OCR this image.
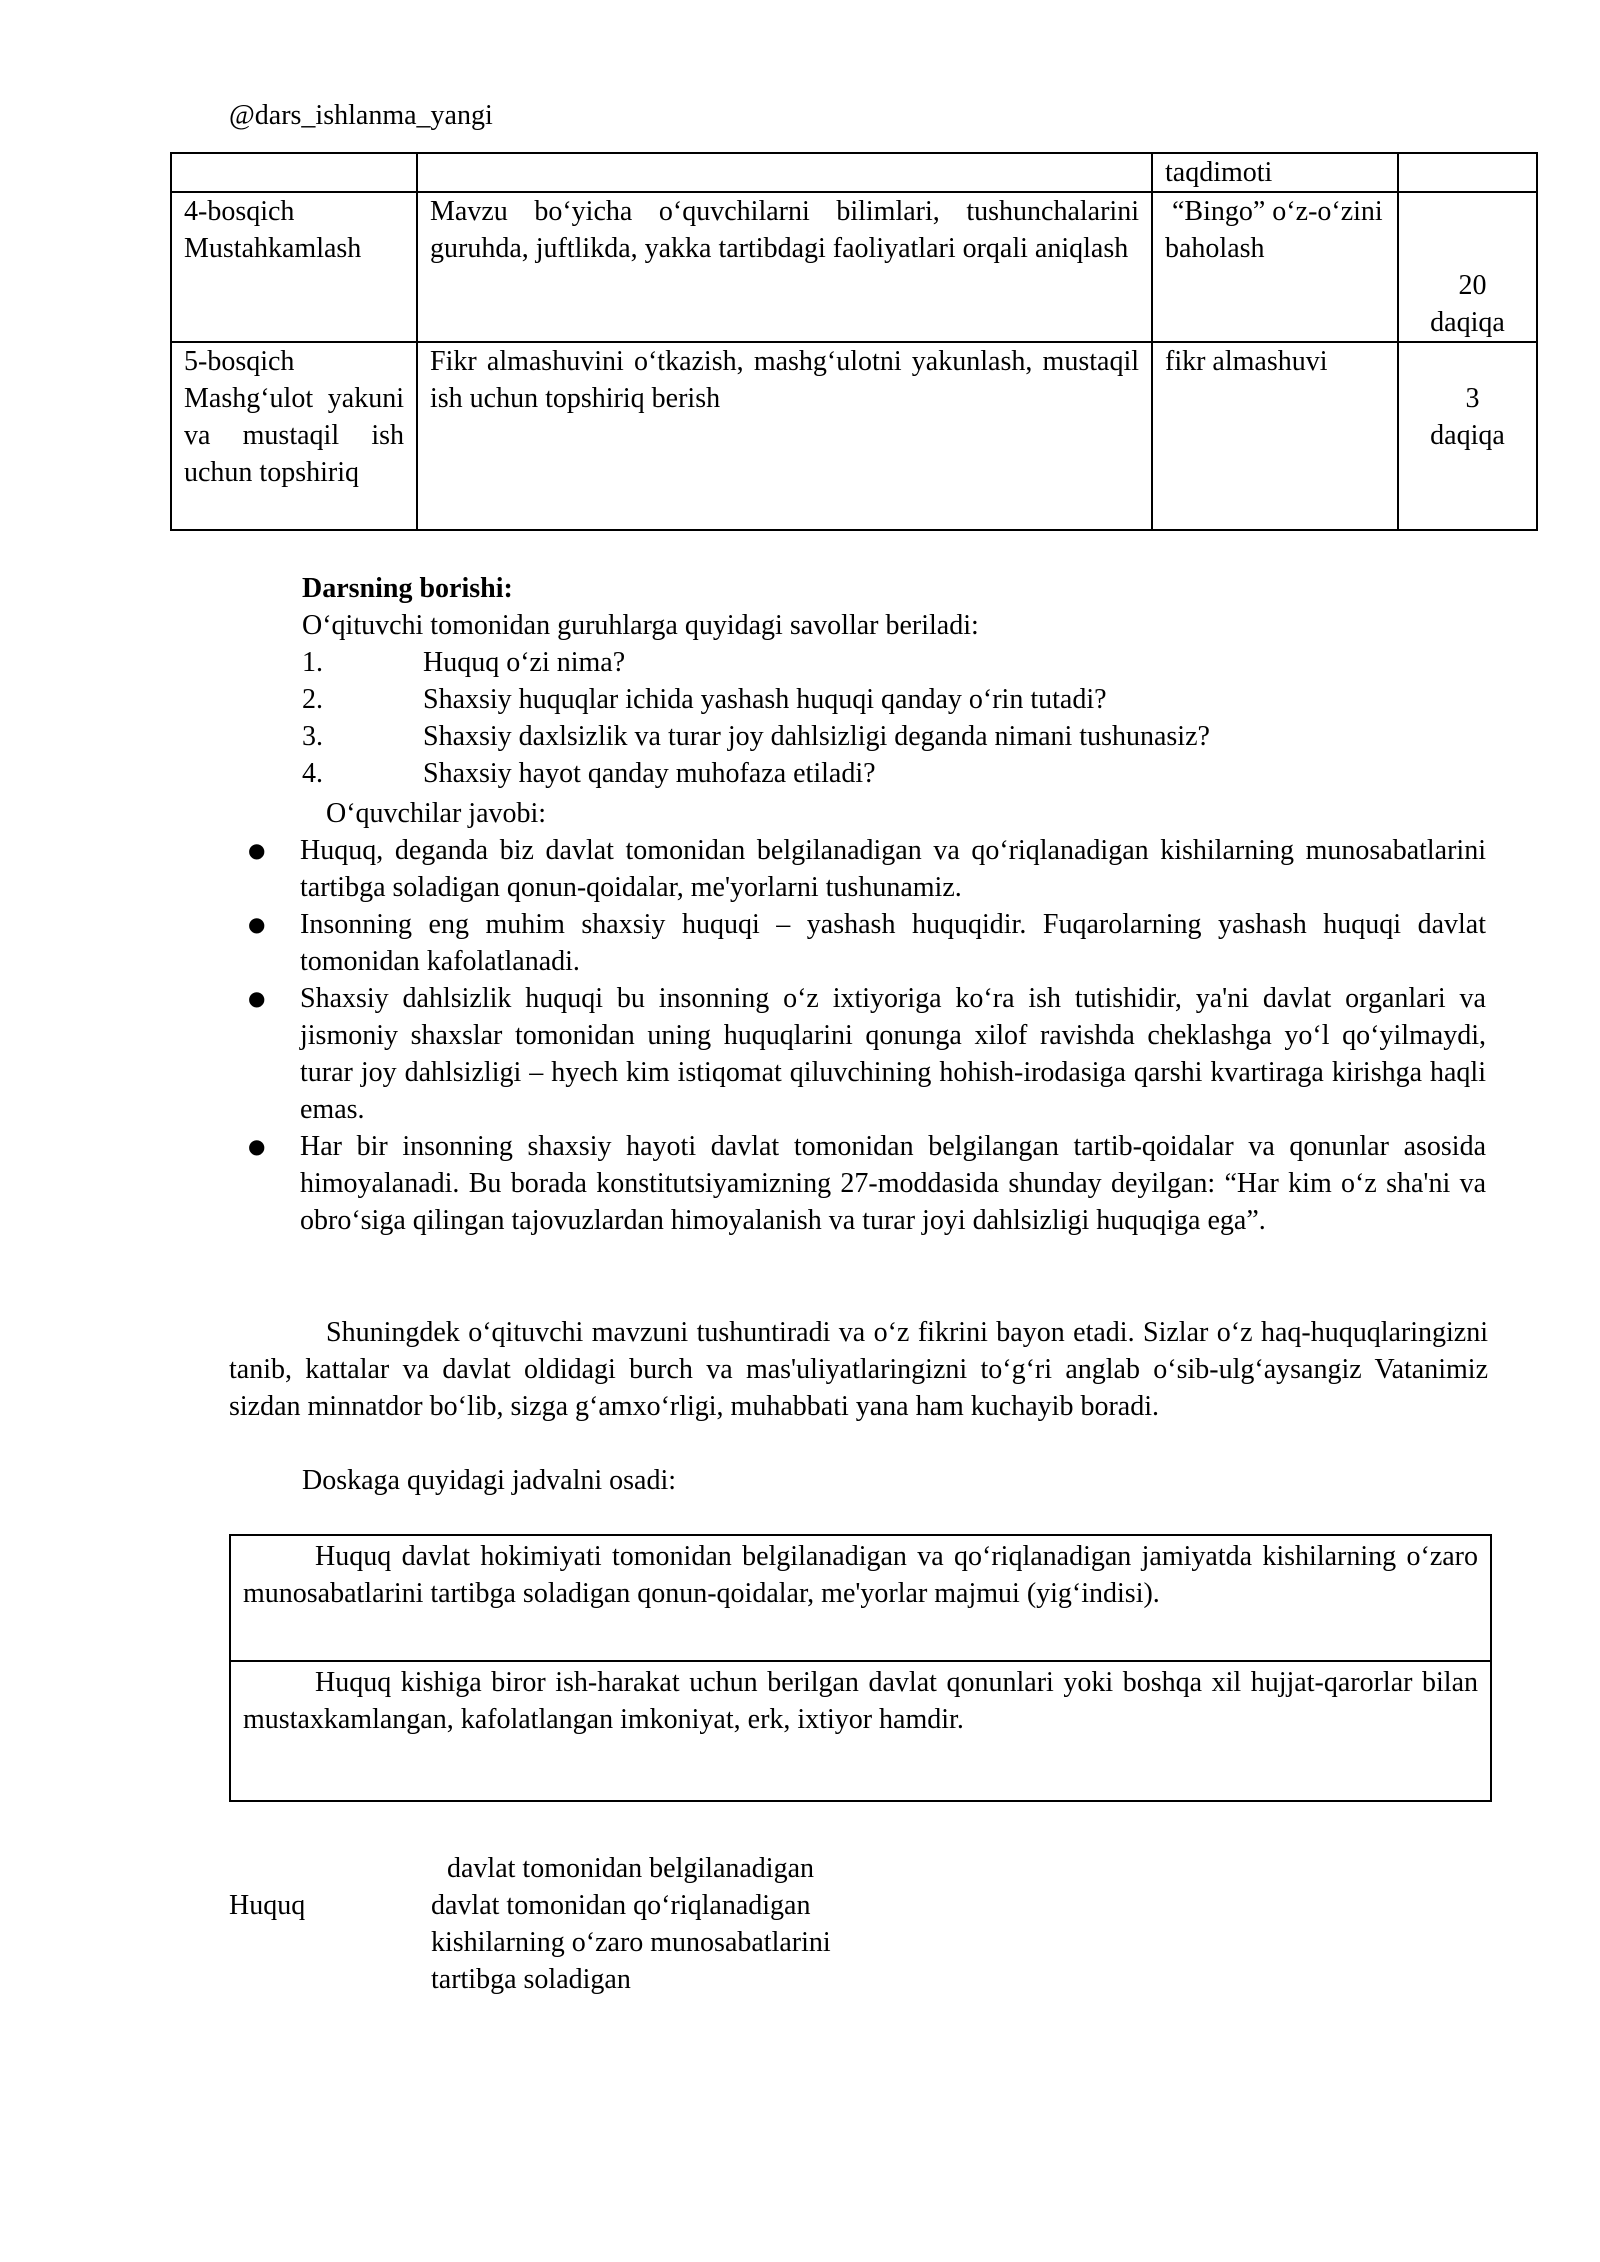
@dars_ishlanma_yangi
		taqdimoti	
4-bosqich Mustahkamlash	Mavzu bo‘yicha o‘quvchilarni bilimlari, tushunchalarini guruhda, juftlikda, yakka tartibdagi faoliyatlari orqali aniqlash	“Bingo” o‘z-o‘zini baholash	20
daqiqa

5-bosqich Mashg‘ulot yakuni va mustaqil ish uchun topshiriq	Fikr almashuvini o‘tkazish, mashg‘ulotni yakunlash, mustaqil ish uchun topshiriq berish	fikr almashuvi	3
daqiqa
Darsning borishi:
O‘qituvchi tomonidan guruhlarga quyidagi savollar beriladi:
1.	Huquq o‘zi nima?
2.	Shaxsiy huquqlar ichida yashash huquqi qanday o‘rin tutadi?
3.	Shaxsiy daxlsizlik va turar joy dahlsizligi deganda nimani tushunasiz?
4.	Shaxsiy hayot qanday muhofaza etiladi?
O‘quvchilar javobi:
● Huquq, deganda biz davlat tomonidan belgilanadigan va qo‘riqlanadigan kishilarning munosabatlarini tartibga soladigan qonun-qoidalar, me'yorlarni tushunamiz.
● Insonning eng muhim shaxsiy huquqi – yashash huquqidir. Fuqarolarning yashash huquqi davlat tomonidan kafolatlanadi.
● Shaxsiy dahlsizlik huquqi bu insonning o‘z ixtiyoriga ko‘ra ish tutishidir, ya'ni davlat organlari va jismoniy shaxslar tomonidan uning huquqlarini qonunga xilof ravishda cheklashga yo‘l qo‘yilmaydi, turar joy dahlsizligi – hyech kim istiqomat qiluvchining hohish-irodasiga qarshi kvartiraga kirishga haqli emas.
● Har bir insonning shaxsiy hayoti davlat tomonidan belgilangan tartib-qoidalar va qonunlar asosida himoyalanadi. Bu borada konstitutsiyamizning 27-moddasida shunday deyilgan: “Har kim o‘z sha'ni va obro‘siga qilingan tajovuzlardan himoyalanish va turar joyi dahlsizligi huquqiga ega”.
Shuningdek o‘qituvchi mavzuni tushuntiradi va o‘z fikrini bayon etadi. Sizlar o‘z haq-huquqlaringizni tanib, kattalar va davlat oldidagi burch va mas'uliyatlaringizni to‘g‘ri anglab o‘sib-ulg‘aysangiz Vatanimiz sizdan minnatdor bo‘lib, sizga g‘amxo‘rligi, muhabbati yana ham kuchayib boradi.
Doskaga quyidagi jadvalni osadi:
Huquq davlat hokimiyati tomonidan belgilanadigan va qo‘riqlanadigan jamiyatda kishilarning o‘zaro munosabatlarini tartibga soladigan qonun-qoidalar, me'yorlar majmui (yig‘indisi).
Huquq kishiga biror ish-harakat uchun berilgan davlat qonunlari yoki boshqa xil hujjat-qarorlar bilan mustaxkamlangan, kafolatlangan imkoniyat, erk, ixtiyor hamdir.
Huquq
davlat tomonidan belgilanadigan
davlat tomonidan qo‘riqlanadigan
kishilarning o‘zaro munosabatlarini
tartibga soladigan
